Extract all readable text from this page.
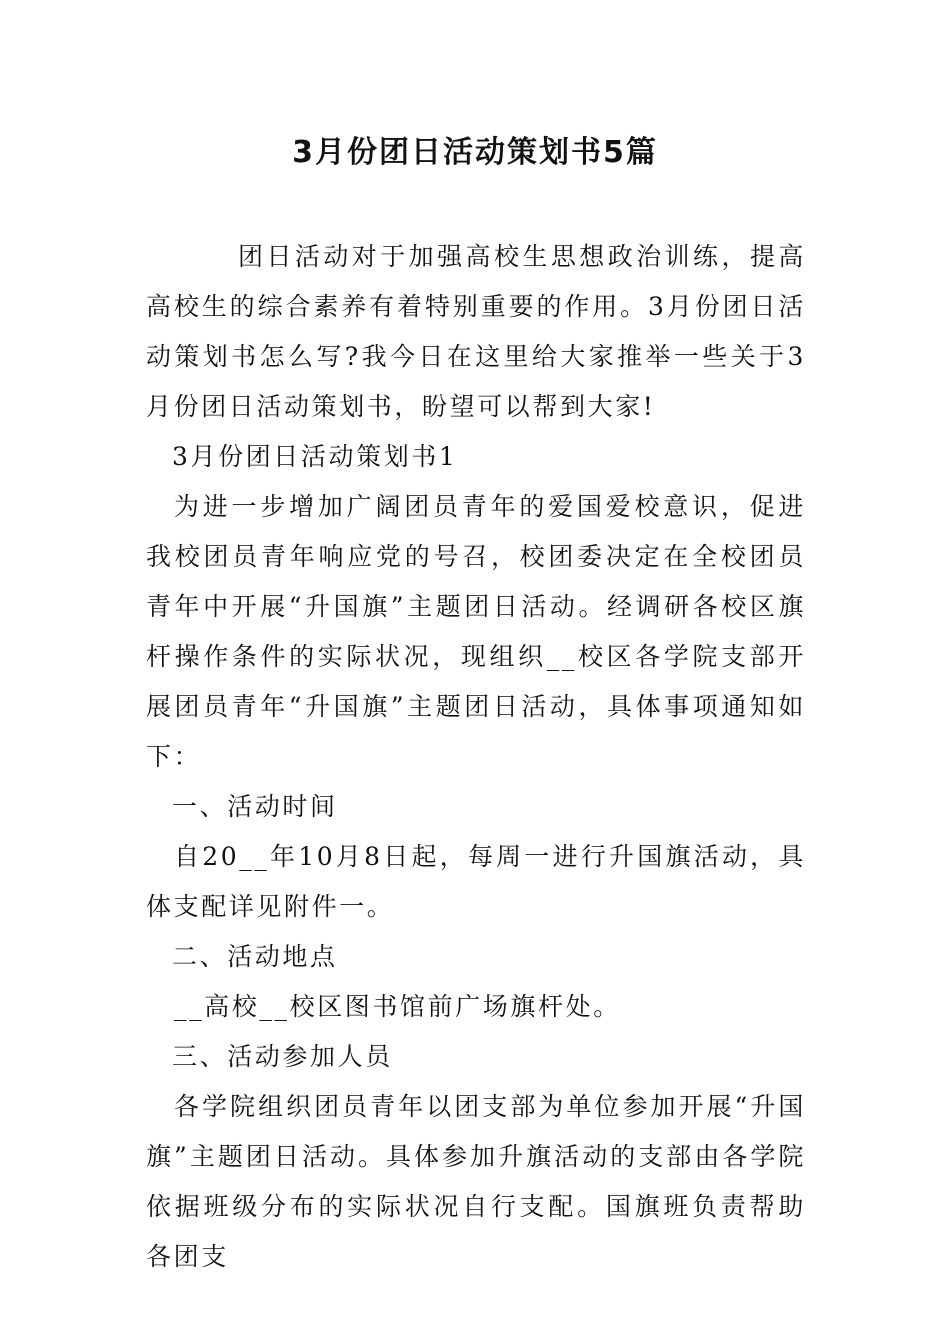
3月份团日活动策划书5篇

团日活动对于加强高校生思想政治训练，提高高校生的综合素养有着特别重要的作用。3月份团日活动策划书怎么写?我今日在这里给大家推举一些关于3月份团日活动策划书，盼望可以帮到大家!

3月份团日活动策划书1

为进一步增加广阔团员青年的爱国爱校意识，促进我校团员青年响应党的号召，校团委决定在全校团员青年中开展“升国旗”主题团日活动。经调研各校区旗杆操作条件的实际状况，现组织__校区各学院支部开展团员青年“升国旗”主题团日活动，具体事项通知如下：

一、活动时间

自20__年10月8日起，每周一进行升国旗活动，具体支配详见附件一。

二、活动地点

__高校__校区图书馆前广场旗杆处。

三、活动参加人员

各学院组织团员青年以团支部为单位参加开展“升国旗”主题团日活动。具体参加升旗活动的支部由各学院依据班级分布的实际状况自行支配。国旗班负责帮助各团支
